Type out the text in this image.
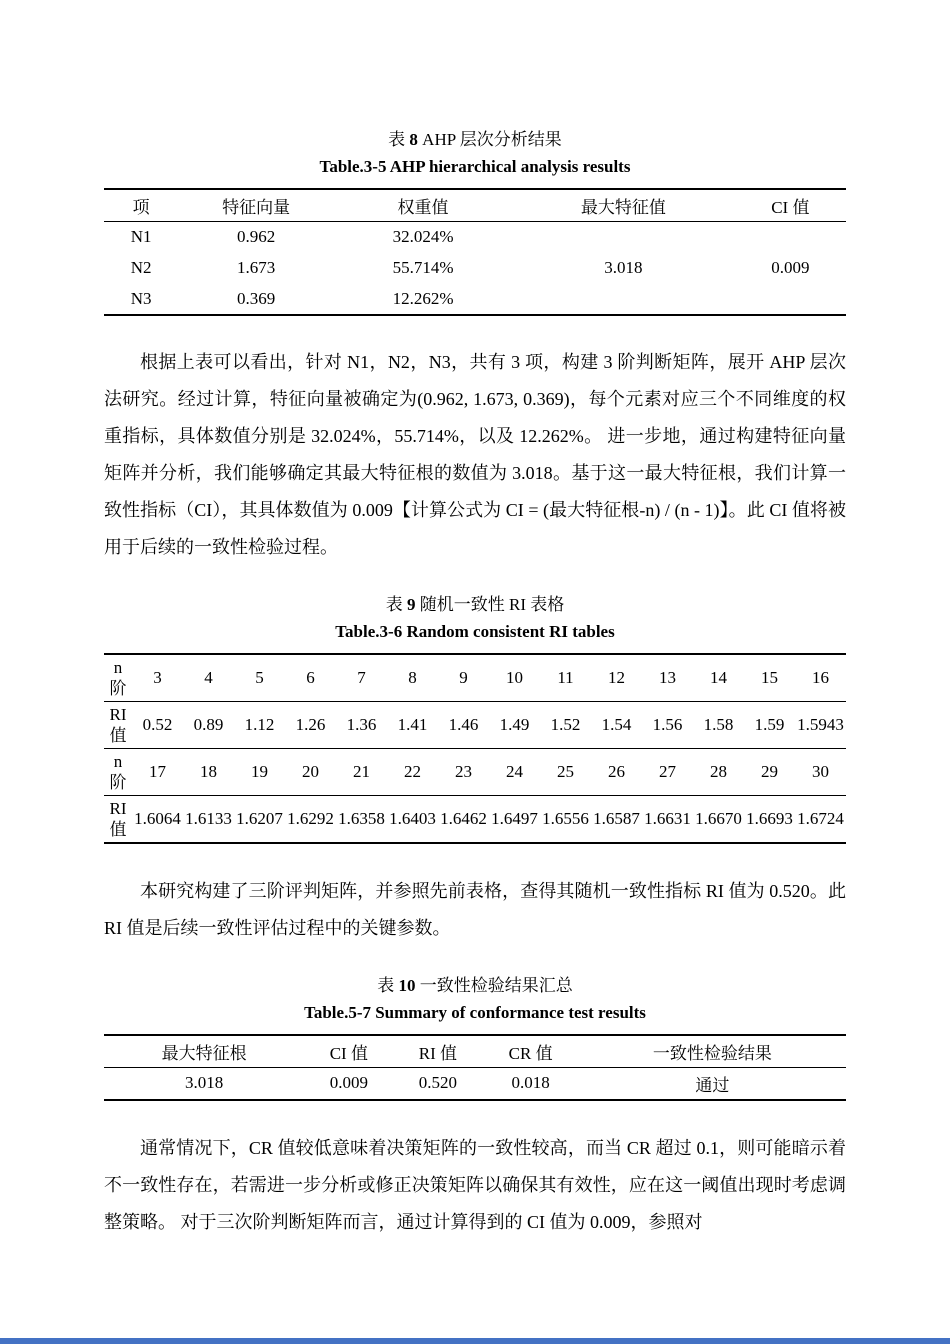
表 8 AHP 层次分析结果
Table.3-5 AHP hierarchical analysis results
项	特征向量	权重值	最大特征值	CI 值
N1	0.962	32.024%		
N2	1.673	55.714%	3.018	0.009
N3	0.369	12.262%		

根据上表可以看出，针对 N1，N2，N3，共有 3 项，构建 3 阶判断矩阵，展开 AHP 层次法研究。经过计算，特征向量被确定为(0.962, 1.673, 0.369)，每个元素对应三个不同维度的权重指标，具体数值分别是 32.024%，55.714%，以及 12.262%。 进一步地，通过构建特征向量矩阵并分析，我们能够确定其最大特征根的数值为 3.018。基于这一最大特征根，我们计算一致性指标（CI），其具体数值为 0.009【计算公式为 CI = (最大特征根-n) / (n - 1)】。此 CI 值将被用于后续的一致性检验过程。

表 9 随机一致性 RI 表格
Table.3-6 Random consistent RI tables
n 阶	3	4	5	6	7	8	9	10	11	12	13	14	15	16
RI 值	0.52	0.89	1.12	1.26	1.36	1.41	1.46	1.49	1.52	1.54	1.56	1.58	1.59	1.5943
n 阶	17	18	19	20	21	22	23	24	25	26	27	28	29	30
RI 值	1.6064	1.6133	1.6207	1.6292	1.6358	1.6403	1.6462	1.6497	1.6556	1.6587	1.6631	1.6670	1.6693	1.6724

本研究构建了三阶评判矩阵，并参照先前表格，查得其随机一致性指标 RI 值为 0.520。此 RI 值是后续一致性评估过程中的关键参数。

表 10 一致性检验结果汇总
Table.5-7 Summary of conformance test results
最大特征根	CI 值	RI 值	CR 值	一致性检验结果
3.018	0.009	0.520	0.018	通过

通常情况下，CR 值较低意味着决策矩阵的一致性较高，而当 CR 超过 0.1，则可能暗示着不一致性存在，若需进一步分析或修正决策矩阵以确保其有效性，应在这一阈值出现时考虑调整策略。 对于三次阶判断矩阵而言，通过计算得到的 CI 值为 0.009，参照对
